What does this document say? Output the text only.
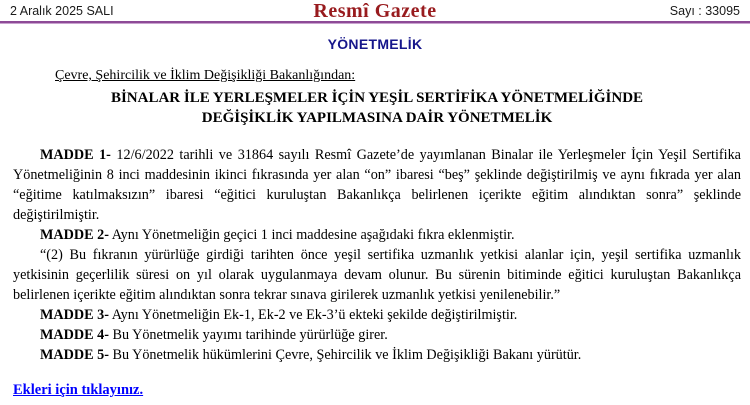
2 Aralık 2025 SALI	Resmî Gazete	Sayı : 33095
YÖNETMELİK
Çevre, Şehircilik ve İklim Değişikliği Bakanlığından:
BİNALAR İLE YERLEŞMELER İÇİN YEŞİL SERTİFİKA YÖNETMELİĞİNDE
DEĞİŞİKLİK YAPILMASINA DAİR YÖNETMELİK

MADDE 1- 12/6/2022 tarihli ve 31864 sayılı Resmî Gazete’de yayımlanan Binalar ile Yerleşmeler İçin Yeşil Sertifika Yönetmeliğinin 8 inci maddesinin ikinci fıkrasında yer alan “on” ibaresi “beş” şeklinde değiştirilmiş ve aynı fıkrada yer alan “eğitime katılmaksızın” ibaresi “eğitici kuruluştan Bakanlıkça belirlenen içerikte eğitim alındıktan sonra” şeklinde değiştirilmiştir.

MADDE 2- Aynı Yönetmeliğin geçici 1 inci maddesine aşağıdaki fıkra eklenmiştir.

“(2) Bu fıkranın yürürlüğe girdiği tarihten önce yeşil sertifika uzmanlık yetkisi alanlar için, yeşil sertifika uzmanlık yetkisinin geçerlilik süresi on yıl olarak uygulanmaya devam olunur. Bu sürenin bitiminde eğitici kuruluştan Bakanlıkça belirlenen içerikte eğitim alındıktan sonra tekrar sınava girilerek uzmanlık yetkisi yenilenebilir.”

MADDE 3- Aynı Yönetmeliğin Ek-1, Ek-2 ve Ek-3’ü ekteki şekilde değiştirilmiştir.

MADDE 4- Bu Yönetmelik yayımı tarihinde yürürlüğe girer.

MADDE 5- Bu Yönetmelik hükümlerini Çevre, Şehircilik ve İklim Değişikliği Bakanı yürütür.

Ekleri için tıklayınız.
